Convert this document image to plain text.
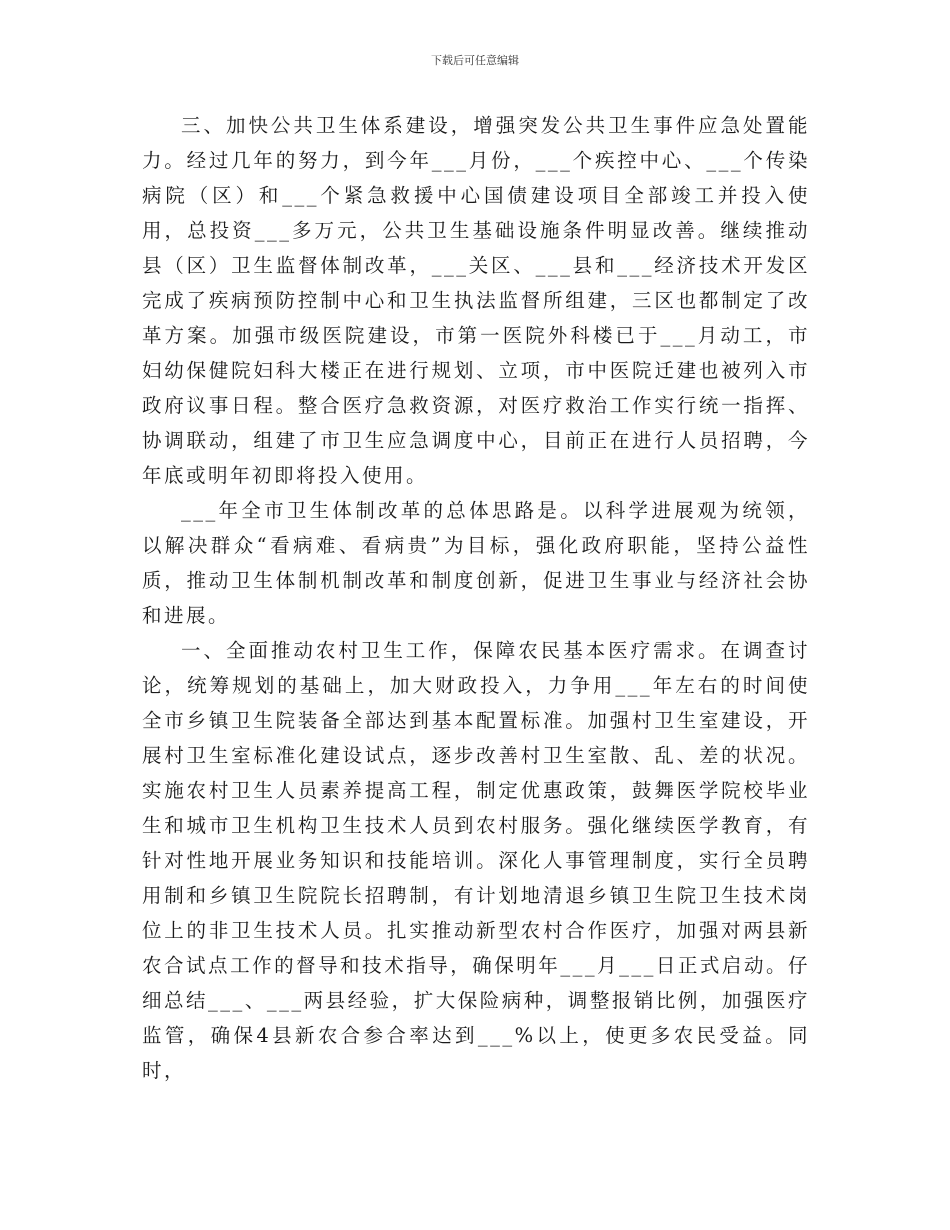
下载后可任意编辑

三、加快公共卫生体系建设，增强突发公共卫生事件应急处置能力。经过几年的努力，到今年___月份，___个疾控中心、___个传染病院（区）和___个紧急救援中心国债建设项目全部竣工并投入使用，总投资___多万元，公共卫生基础设施条件明显改善。继续推动县（区）卫生监督体制改革，___关区、___县和___经济技术开发区完成了疾病预防控制中心和卫生执法监督所组建，三区也都制定了改革方案。加强市级医院建设，市第一医院外科楼已于___月动工，市妇幼保健院妇科大楼正在进行规划、立项，市中医院迁建也被列入市政府议事日程。整合医疗急救资源，对医疗救治工作实行统一指挥、协调联动，组建了市卫生应急调度中心，目前正在进行人员招聘，今年底或明年初即将投入使用。

___年全市卫生体制改革的总体思路是。以科学进展观为统领，以解决群众“看病难、看病贵”为目标，强化政府职能，坚持公益性质，推动卫生体制机制改革和制度创新，促进卫生事业与经济社会协和进展。

一、全面推动农村卫生工作，保障农民基本医疗需求。在调查讨论，统筹规划的基础上，加大财政投入，力争用___年左右的时间使全市乡镇卫生院装备全部达到基本配置标准。加强村卫生室建设，开展村卫生室标准化建设试点，逐步改善村卫生室散、乱、差的状况。实施农村卫生人员素养提高工程，制定优惠政策，鼓舞医学院校毕业生和城市卫生机构卫生技术人员到农村服务。强化继续医学教育，有针对性地开展业务知识和技能培训。深化人事管理制度，实行全员聘用制和乡镇卫生院院长招聘制，有计划地清退乡镇卫生院卫生技术岗位上的非卫生技术人员。扎实推动新型农村合作医疗，加强对两县新农合试点工作的督导和技术指导，确保明年___月___日正式启动。仔细总结___、___两县经验，扩大保险病种，调整报销比例，加强医疗监管，确保4县新农合参合率达到___%以上，使更多农民受益。同时，
